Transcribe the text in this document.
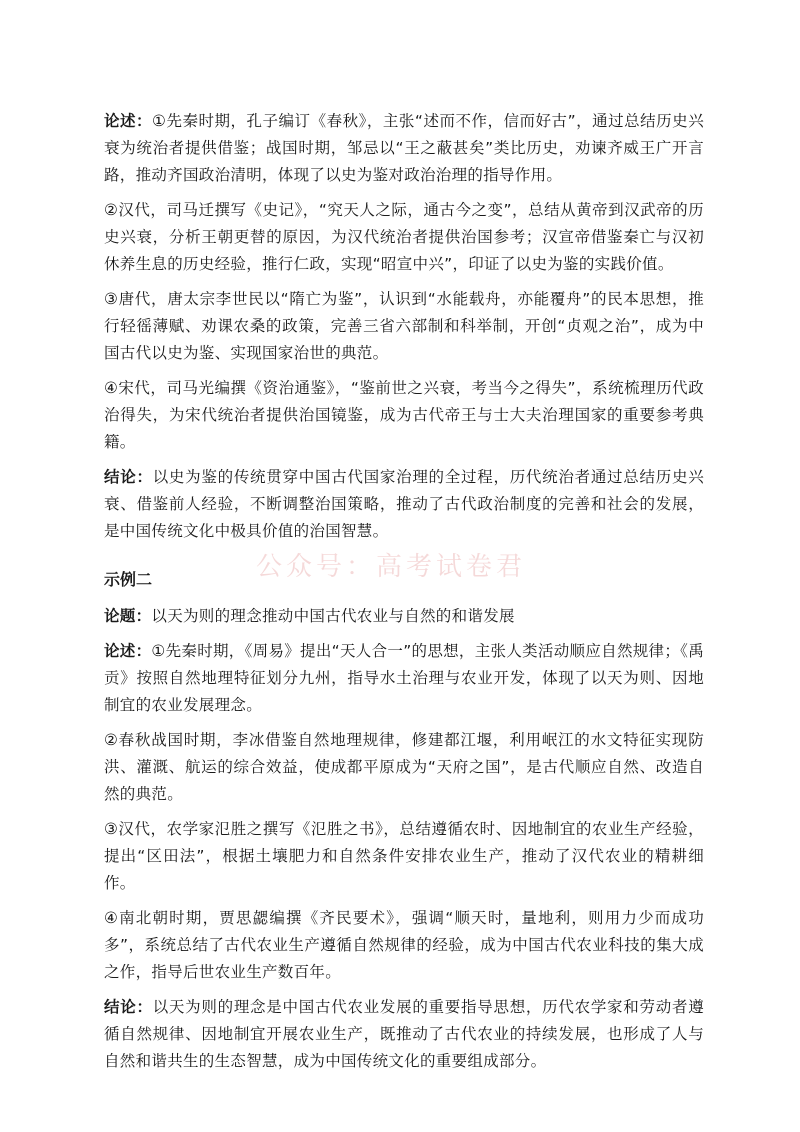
论述：①先秦时期，孔子编订《春秋》，主张“述而不作，信而好古”，通过总结历史兴衰为统治者提供借鉴；战国时期，邹忌以“王之蔽甚矣”类比历史，劝谏齐威王广开言路，推动齐国政治清明，体现了以史为鉴对政治治理的指导作用。

②汉代，司马迁撰写《史记》，“究天人之际，通古今之变”，总结从黄帝到汉武帝的历史兴衰，分析王朝更替的原因，为汉代统治者提供治国参考；汉宣帝借鉴秦亡与汉初休养生息的历史经验，推行仁政，实现“昭宣中兴”，印证了以史为鉴的实践价值。

③唐代，唐太宗李世民以“隋亡为鉴”，认识到“水能载舟，亦能覆舟”的民本思想，推行轻徭薄赋、劝课农桑的政策，完善三省六部制和科举制，开创“贞观之治”，成为中国古代以史为鉴、实现国家治世的典范。

④宋代，司马光编撰《资治通鉴》，“鉴前世之兴衰，考当今之得失”，系统梳理历代政治得失，为宋代统治者提供治国镜鉴，成为古代帝王与士大夫治理国家的重要参考典籍。

结论：以史为鉴的传统贯穿中国古代国家治理的全过程，历代统治者通过总结历史兴衰、借鉴前人经验，不断调整治国策略，推动了古代政治制度的完善和社会的发展，是中国传统文化中极具价值的治国智慧。

示例二

论题：以天为则的理念推动中国古代农业与自然的和谐发展

论述：①先秦时期，《周易》提出“天人合一”的思想，主张人类活动顺应自然规律；《禹贡》按照自然地理特征划分九州，指导水土治理与农业开发，体现了以天为则、因地制宜的农业发展理念。

②春秋战国时期，李冰借鉴自然地理规律，修建都江堰，利用岷江的水文特征实现防洪、灌溉、航运的综合效益，使成都平原成为“天府之国”，是古代顺应自然、改造自然的典范。

③汉代，农学家氾胜之撰写《氾胜之书》，总结遵循农时、因地制宜的农业生产经验，提出“区田法”，根据土壤肥力和自然条件安排农业生产，推动了汉代农业的精耕细作。

④南北朝时期，贾思勰编撰《齐民要术》，强调“顺天时，量地利，则用力少而成功多”，系统总结了古代农业生产遵循自然规律的经验，成为中国古代农业科技的集大成之作，指导后世农业生产数百年。

结论：以天为则的理念是中国古代农业发展的重要指导思想，历代农学家和劳动者遵循自然规律、因地制宜开展农业生产，既推动了古代农业的持续发展，也形成了人与自然和谐共生的生态智慧，成为中国传统文化的重要组成部分。

公众号：高考试卷君
